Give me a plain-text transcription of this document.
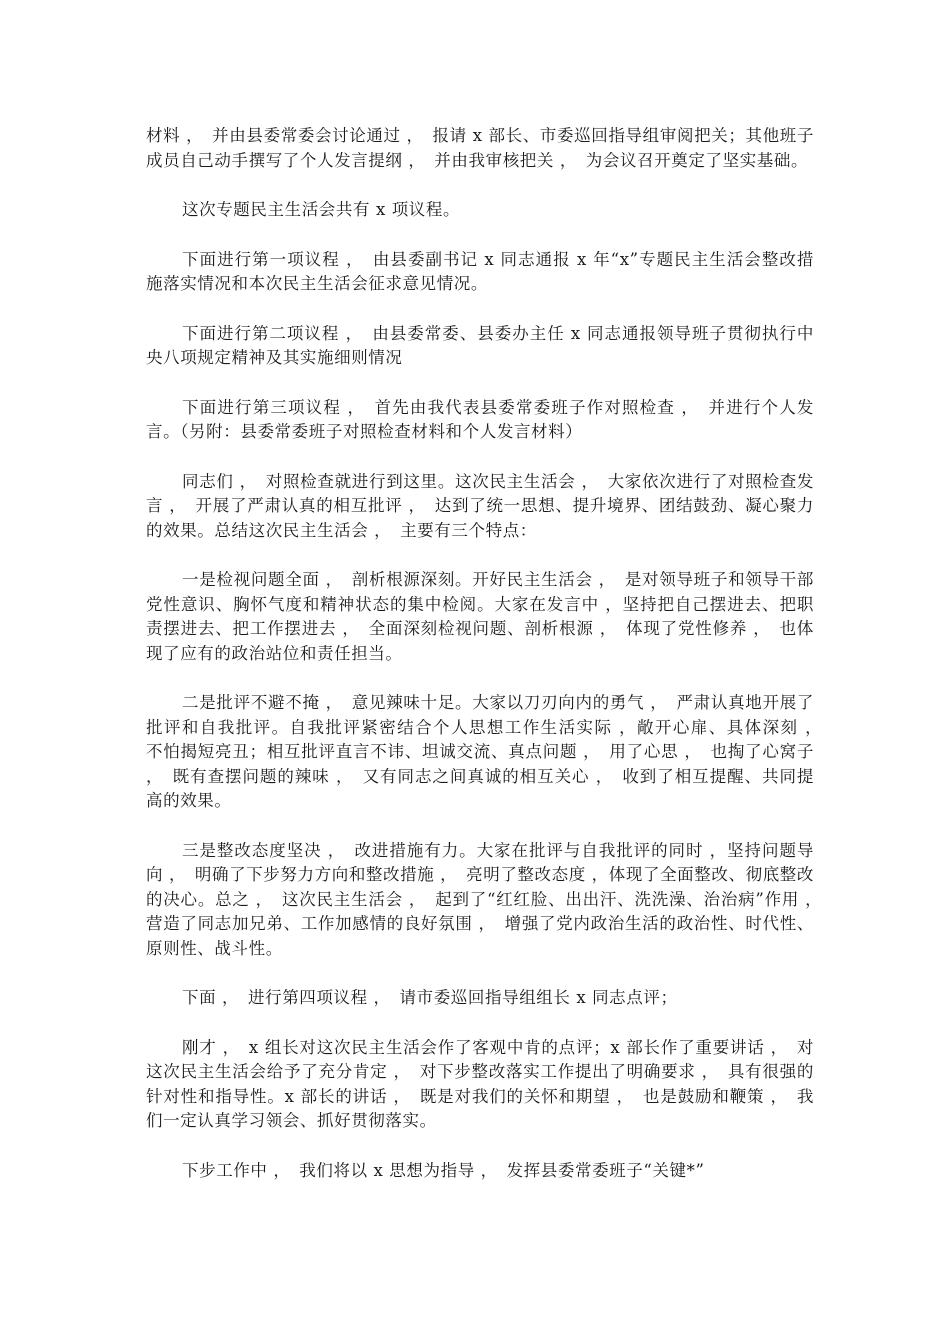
材料 ，　并由县委常委会讨论通过 ，　报请 x 部长、市委巡回指导组审阅把关；其他班子成员自己动手撰写了个人发言提纲 ，　并由我审核把关 ，　为会议召开奠定了坚实基础。

这次专题民主生活会共有 x 项议程。

下面进行第一项议程 ，　由县委副书记 x 同志通报 x 年“x”专题民主生活会整改措施落实情况和本次民主生活会征求意见情况。

下面进行第二项议程 ，　由县委常委、县委办主任 x 同志通报领导班子贯彻执行中央八项规定精神及其实施细则情况

下面进行第三项议程 ，　首先由我代表县委常委班子作对照检查 ，　并进行个人发言。（另附：县委常委班子对照检查材料和个人发言材料）

同志们 ，　对照检查就进行到这里。这次民主生活会 ，　大家依次进行了对照检查发言 ，　开展了严肃认真的相互批评 ，　达到了统一思想、提升境界、团结鼓劲、凝心聚力的效果。总结这次民主生活会 ，　主要有三个特点：

一是检视问题全面 ，　剖析根源深刻。开好民主生活会 ，　是对领导班子和领导干部党性意识、胸怀气度和精神状态的集中检阅。大家在发言中 ，坚持把自己摆进去、把职责摆进去、把工作摆进去 ，　全面深刻检视问题、剖析根源 ，　体现了党性修养 ，　也体现了应有的政治站位和责任担当。

二是批评不避不掩 ，　意见辣味十足。大家以刀刃向内的勇气 ，　严肃认真地开展了批评和自我批评。自我批评紧密结合个人思想工作生活实际 ，敞开心扉、具体深刻 ，　不怕揭短亮丑；相互批评直言不讳、坦诚交流、真点问题 ，　用了心思 ，　也掏了心窝子 ，　既有查摆问题的辣味 ，　又有同志之间真诚的相互关心 ，　收到了相互提醒、共同提高的效果。

三是整改态度坚决 ，　改进措施有力。大家在批评与自我批评的同时 ，坚持问题导向 ，　明确了下步努力方向和整改措施 ，　亮明了整改态度 ，体现了全面整改、彻底整改的决心。总之 ，　这次民主生活会 ，　起到了“红红脸、出出汗、洗洗澡、治治病”作用 ，　营造了同志加兄弟、工作加感情的良好氛围 ，　增强了党内政治生活的政治性、时代性、原则性、战斗性。

下面 ，　进行第四项议程 ，　请市委巡回指导组组长 x 同志点评；

刚才 ，　x 组长对这次民主生活会作了客观中肯的点评；x 部长作了重要讲话 ，　对这次民主生活会给予了充分肯定 ，　对下步整改落实工作提出了明确要求 ，　具有很强的针对性和指导性。x 部长的讲话 ，　既是对我们的关怀和期望 ，　也是鼓励和鞭策 ，　我们一定认真学习领会、抓好贯彻落实。

下步工作中 ，　我们将以 x 思想为指导 ，　发挥县委常委班子“关键*”
